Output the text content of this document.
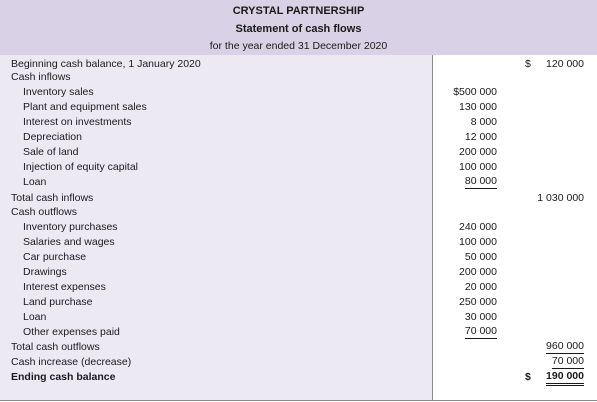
CRYSTAL PARTNERSHIP
Statement of cash flows
for the year ended 31 December 2020
Beginning cash balance, 1 January 2020	$ 120 000
Cash inflows
Inventory sales	$500 000
Plant and equipment sales	130 000
Interest on investments	8 000
Depreciation	12 000
Sale of land	200 000
Injection of equity capital	100 000
Loan	80 000
Total cash inflows	1 030 000
Cash outflows
Inventory purchases	240 000
Salaries and wages	100 000
Car purchase	50 000
Drawings	200 000
Interest expenses	20 000
Land purchase	250 000
Loan	30 000
Other expenses paid	70 000
Total cash outflows	960 000
Cash increase (decrease)	70 000
Ending cash balance	$ 190 000
